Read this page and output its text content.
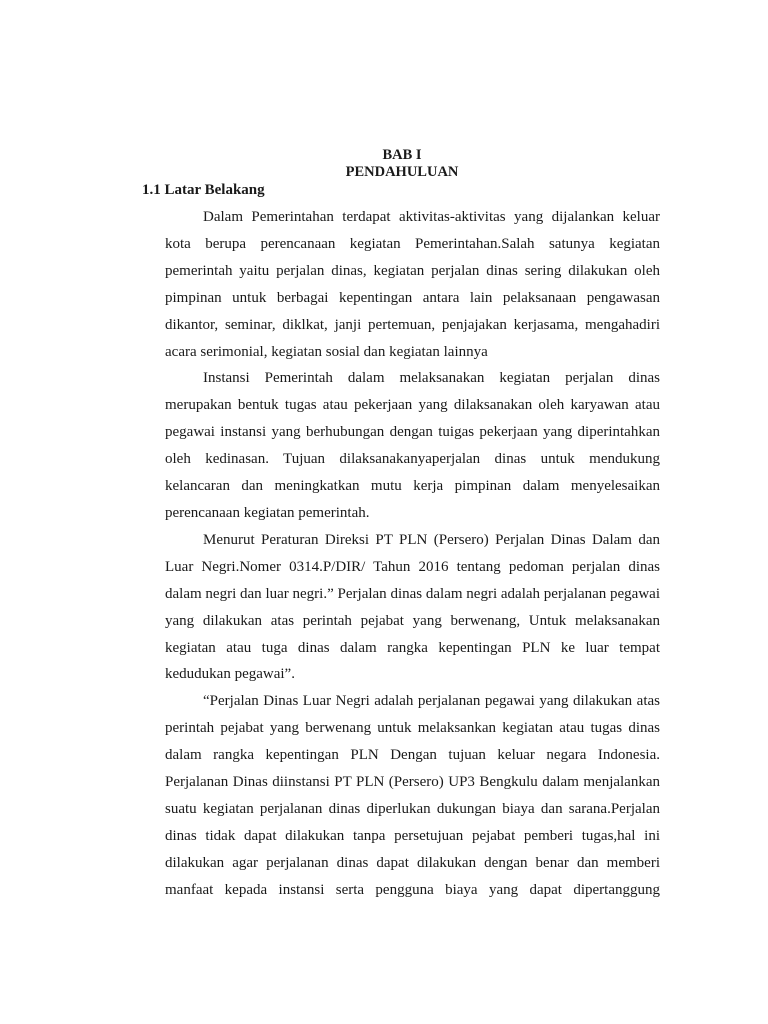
BAB I
PENDAHULUAN
1.1 Latar Belakang

Dalam Pemerintahan terdapat aktivitas-aktivitas yang dijalankan keluar kota berupa perencanaan kegiatan Pemerintahan.Salah satunya kegiatan pemerintah yaitu perjalan dinas, kegiatan perjalan dinas sering dilakukan oleh pimpinan untuk berbagai kepentingan antara lain pelaksanaan pengawasan dikantor, seminar, diklkat, janji pertemuan, penjajakan kerjasama, mengahadiri acara serimonial, kegiatan sosial dan kegiatan lainnya

Instansi Pemerintah dalam melaksanakan kegiatan perjalan dinas merupakan bentuk tugas atau pekerjaan yang dilaksanakan oleh karyawan atau pegawai instansi yang berhubungan dengan tuigas pekerjaan yang diperintahkan oleh kedinasan. Tujuan dilaksanakanyaperjalan dinas untuk mendukung kelancaran dan meningkatkan mutu kerja pimpinan dalam menyelesaikan perencanaan kegiatan pemerintah.

Menurut Peraturan Direksi PT PLN (Persero) Perjalan Dinas Dalam dan Luar Negri.Nomer 0314.P/DIR/ Tahun 2016 tentang pedoman perjalan dinas dalam negri dan luar negri.” Perjalan dinas dalam negri adalah perjalanan pegawai yang dilakukan atas perintah pejabat yang berwenang, Untuk melaksanakan kegiatan atau tuga dinas dalam rangka kepentingan PLN ke luar tempat kedudukan pegawai”.

“Perjalan Dinas Luar Negri adalah perjalanan pegawai yang dilakukan atas perintah pejabat yang berwenang untuk melaksankan kegiatan atau tugas dinas dalam rangka kepentingan PLN Dengan tujuan keluar negara Indonesia. Perjalanan Dinas diinstansi PT PLN (Persero) UP3 Bengkulu dalam menjalankan suatu kegiatan perjalanan dinas diperlukan dukungan biaya dan sarana.Perjalan dinas tidak dapat dilakukan tanpa persetujuan pejabat pemberi tugas,hal ini dilakukan agar perjalanan dinas dapat dilakukan dengan benar dan memberi manfaat kepada instansi serta pengguna biaya yang dapat dipertanggung
